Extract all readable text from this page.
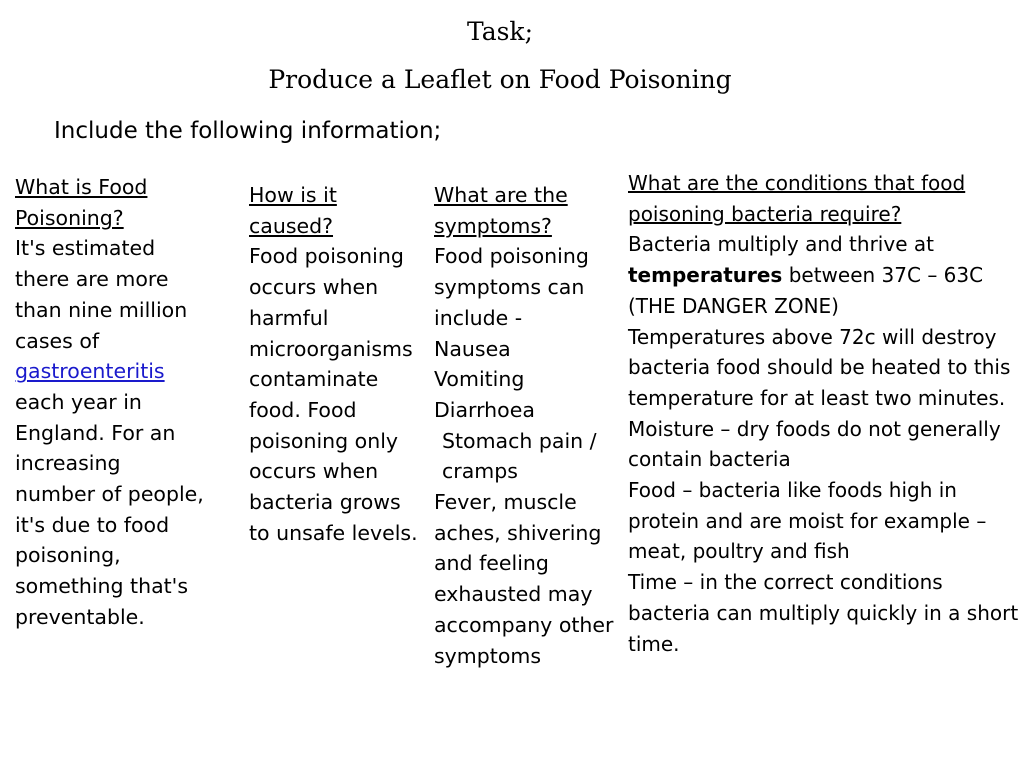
Task;
Produce a Leaflet on Food Poisoning
Include the following information;
What is Food Poisoning?
It's estimated there are more than nine million cases of gastroenteritis each year in England. For an increasing number of people, it's due to food poisoning, something that's preventable.
How is it caused?
Food poisoning occurs when harmful microorganisms contaminate food. Food poisoning only occurs when bacteria grows to unsafe levels.
What are the symptoms?
Food poisoning symptoms can include -
Nausea
Vomiting
Diarrhoea
Stomach pain / cramps
Fever, muscle aches, shivering and feeling exhausted may accompany other symptoms
What are the conditions that food poisoning bacteria require?
Bacteria multiply and thrive at
temperatures between 37C – 63C (THE DANGER ZONE)
Temperatures above 72c will destroy bacteria food should be heated to this temperature for at least two minutes.
Moisture – dry foods do not generally contain bacteria
Food – bacteria like foods high in protein and are moist for example – meat, poultry and fish
Time – in the correct conditions bacteria can multiply quickly in a short time.
